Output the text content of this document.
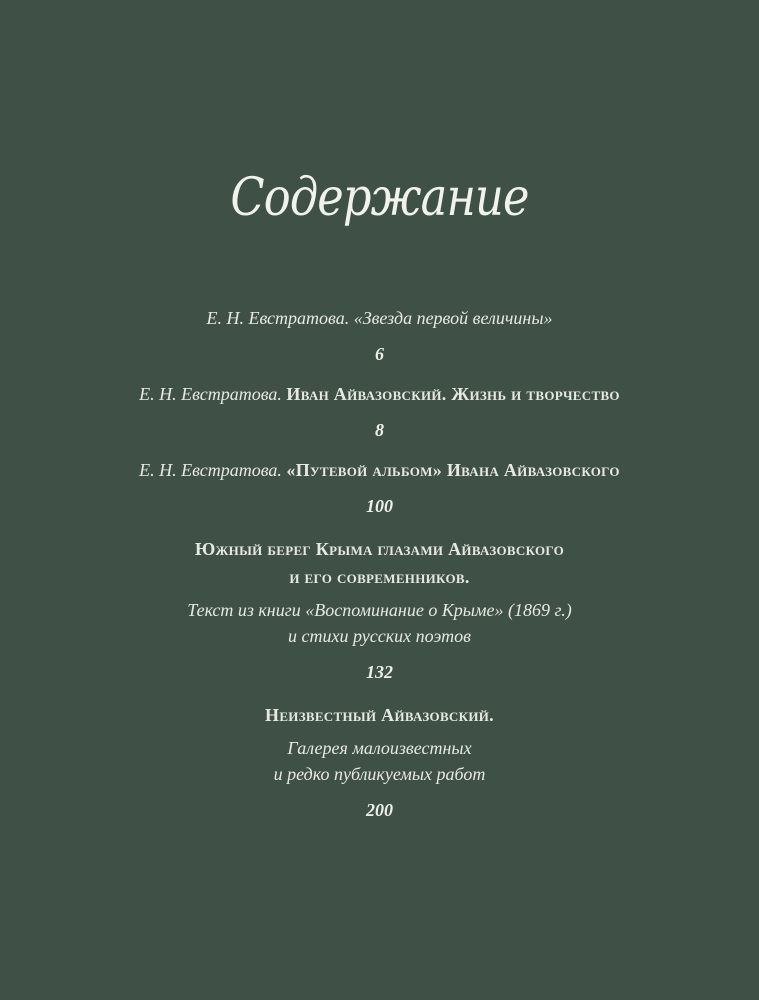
Содержание
Е. Н. Евстратова. «Звезда первой величины»
6
Е. Н. Евстратова. Иван Айвазовский. Жизнь и творчество
8
Е. Н. Евстратова. «Путевой альбом» Ивана Айвазовского
100
Южный берег Крыма глазами Айвазовского
и его современников.
Текст из книги «Воспоминание о Крыме» (1869 г.)
и стихи русских поэтов
132
Неизвестный Айвазовский.
Галерея малоизвестных
и редко публикуемых работ
200
